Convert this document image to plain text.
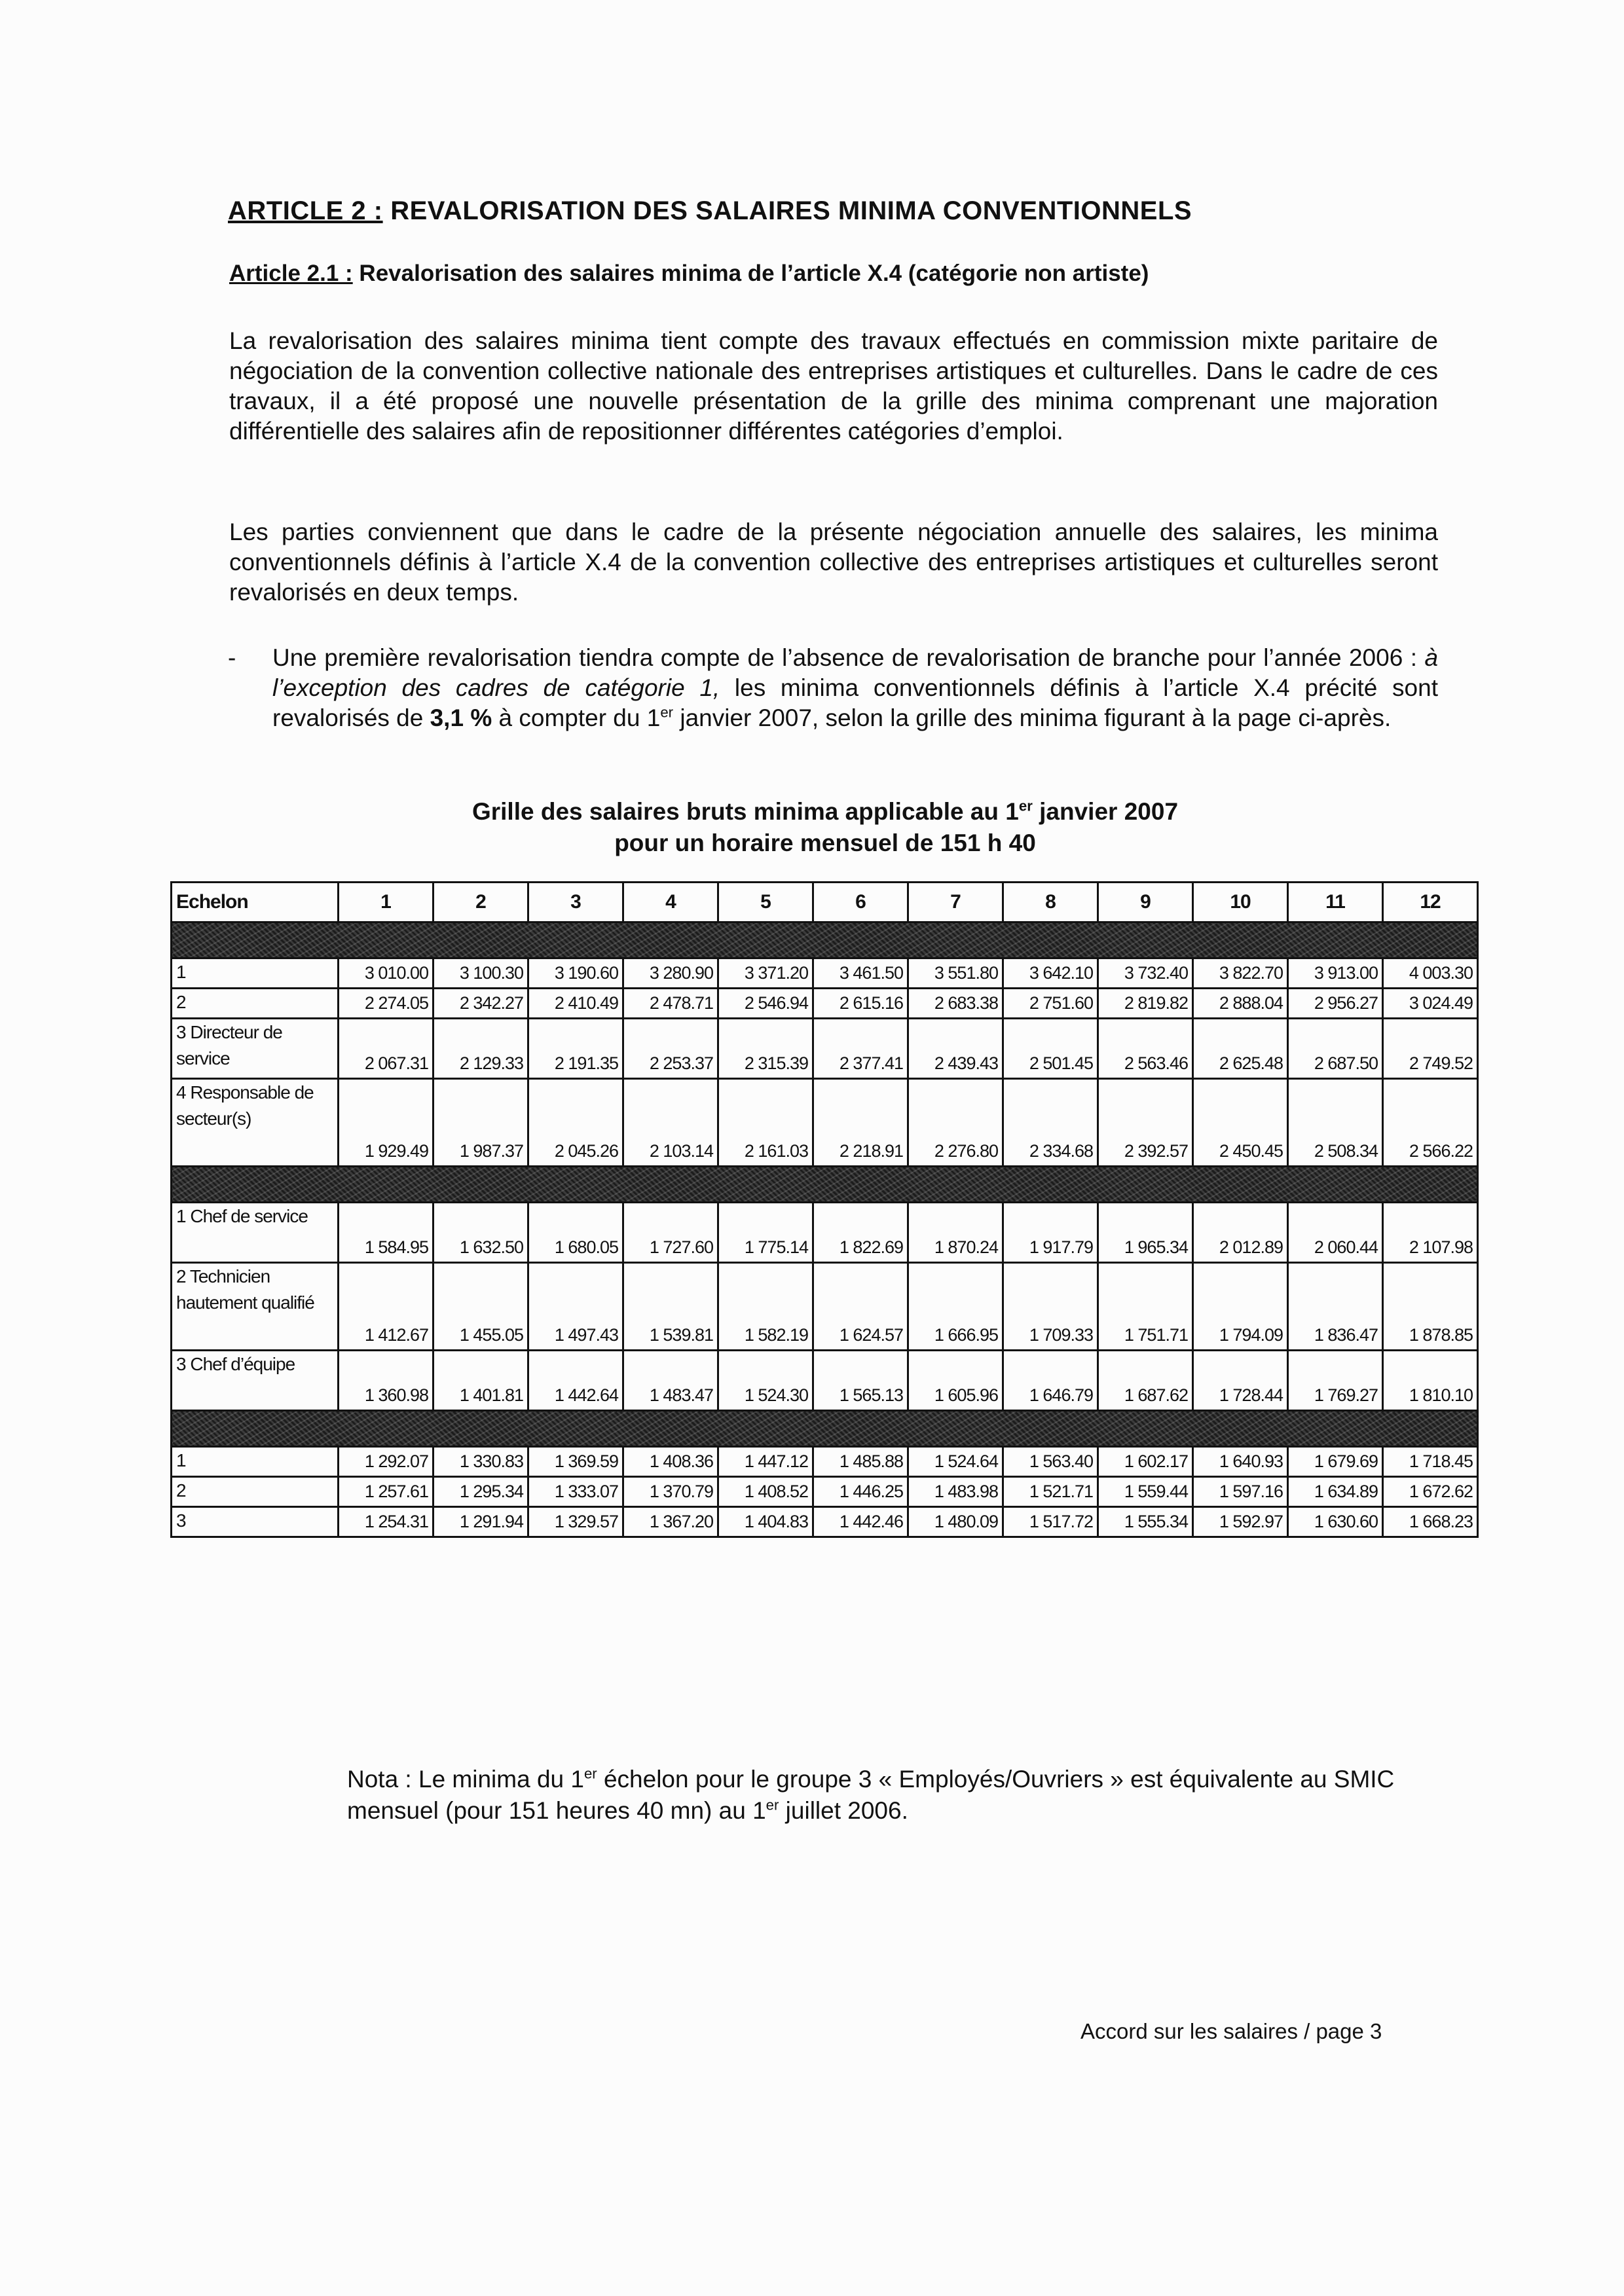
ARTICLE 2 : REVALORISATION DES SALAIRES MINIMA CONVENTIONNELS
Article 2.1 : Revalorisation des salaires minima de l’article X.4 (catégorie non artiste)
La revalorisation des salaires minima tient compte des travaux effectués en commission mixte paritaire de négociation de la convention collective nationale des entreprises artistiques et culturelles. Dans le cadre de ces travaux, il a été proposé une nouvelle présentation de la grille des minima comprenant une majoration différentielle des salaires afin de repositionner différentes catégories d’emploi.
Les parties conviennent que dans le cadre de la présente négociation annuelle des salaires, les minima conventionnels définis à l’article X.4 de la convention collective des entreprises artistiques et culturelles seront revalorisés en deux temps.
- Une première revalorisation tiendra compte de l’absence de revalorisation de branche pour l’année 2006 : à l’exception des cadres de catégorie 1, les minima conventionnels définis à l’article X.4 précité sont revalorisés de 3,1 % à compter du 1er janvier 2007, selon la grille des minima figurant à la page ci-après.
Grille des salaires bruts minima applicable au 1er janvier 2007
pour un horaire mensuel de 151 h 40
Echelon	1	2	3	4	5	6	7	8	9	10	11	12

1	3 010.00	3 100.30	3 190.60	3 280.90	3 371.20	3 461.50	3 551.80	3 642.10	3 732.40	3 822.70	3 913.00	4 003.30
2	2 274.05	2 342.27	2 410.49	2 478.71	2 546.94	2 615.16	2 683.38	2 751.60	2 819.82	2 888.04	2 956.27	3 024.49
3 Directeur de service	2 067.31	2 129.33	2 191.35	2 253.37	2 315.39	2 377.41	2 439.43	2 501.45	2 563.46	2 625.48	2 687.50	2 749.52
4 Responsable de secteur(s)	1 929.49	1 987.37	2 045.26	2 103.14	2 161.03	2 218.91	2 276.80	2 334.68	2 392.57	2 450.45	2 508.34	2 566.22

1 Chef de service	1 584.95	1 632.50	1 680.05	1 727.60	1 775.14	1 822.69	1 870.24	1 917.79	1 965.34	2 012.89	2 060.44	2 107.98
2 Technicien hautement qualifié	1 412.67	1 455.05	1 497.43	1 539.81	1 582.19	1 624.57	1 666.95	1 709.33	1 751.71	1 794.09	1 836.47	1 878.85
3 Chef d’équipe	1 360.98	1 401.81	1 442.64	1 483.47	1 524.30	1 565.13	1 605.96	1 646.79	1 687.62	1 728.44	1 769.27	1 810.10

1	1 292.07	1 330.83	1 369.59	1 408.36	1 447.12	1 485.88	1 524.64	1 563.40	1 602.17	1 640.93	1 679.69	1 718.45
2	1 257.61	1 295.34	1 333.07	1 370.79	1 408.52	1 446.25	1 483.98	1 521.71	1 559.44	1 597.16	1 634.89	1 672.62
3	1 254.31	1 291.94	1 329.57	1 367.20	1 404.83	1 442.46	1 480.09	1 517.72	1 555.34	1 592.97	1 630.60	1 668.23
Nota : Le minima du 1er échelon pour le groupe 3 « Employés/Ouvriers » est équivalente au SMIC mensuel (pour 151 heures 40 mn) au 1er juillet 2006.
Accord sur les salaires / page 3
